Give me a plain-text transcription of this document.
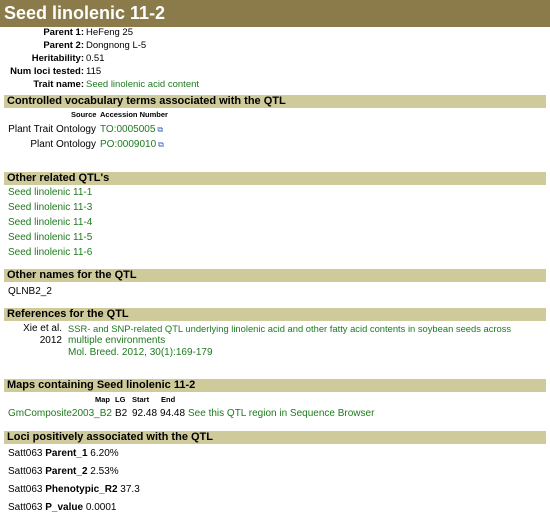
Seed linolenic 11-2
Parent 1: HeFeng 25
Parent 2: Dongnong L-5
Heritability: 0.51
Num loci tested: 115
Trait name: Seed linolenic acid content
Controlled vocabulary terms associated with the QTL
Source Accession Number
Plant Trait Ontology TO:0005005 ⧉
Plant Ontology PO:0009010 ⧉
Other related QTL's
Seed linolenic 11-1
Seed linolenic 11-3
Seed linolenic 11-4
Seed linolenic 11-5
Seed linolenic 11-6
Other names for the QTL
QLNB2_2
References for the QTL
Xie et al.
2012
SSR- and SNP-related QTL underlying linolenic acid and other fatty acid contents in soybean seeds across
multiple environments
Mol. Breed. 2012, 30(1):169-179
Maps containing Seed linolenic 11-2
Map LG Start End
GmComposite2003_B2 B2 92.48 94.48 See this QTL region in Sequence Browser
Loci positively associated with the QTL
Satt063 Parent_1 6.20%
Satt063 Parent_2 2.53%
Satt063 Phenotypic_R2 37.3
Satt063 P_value 0.0001
